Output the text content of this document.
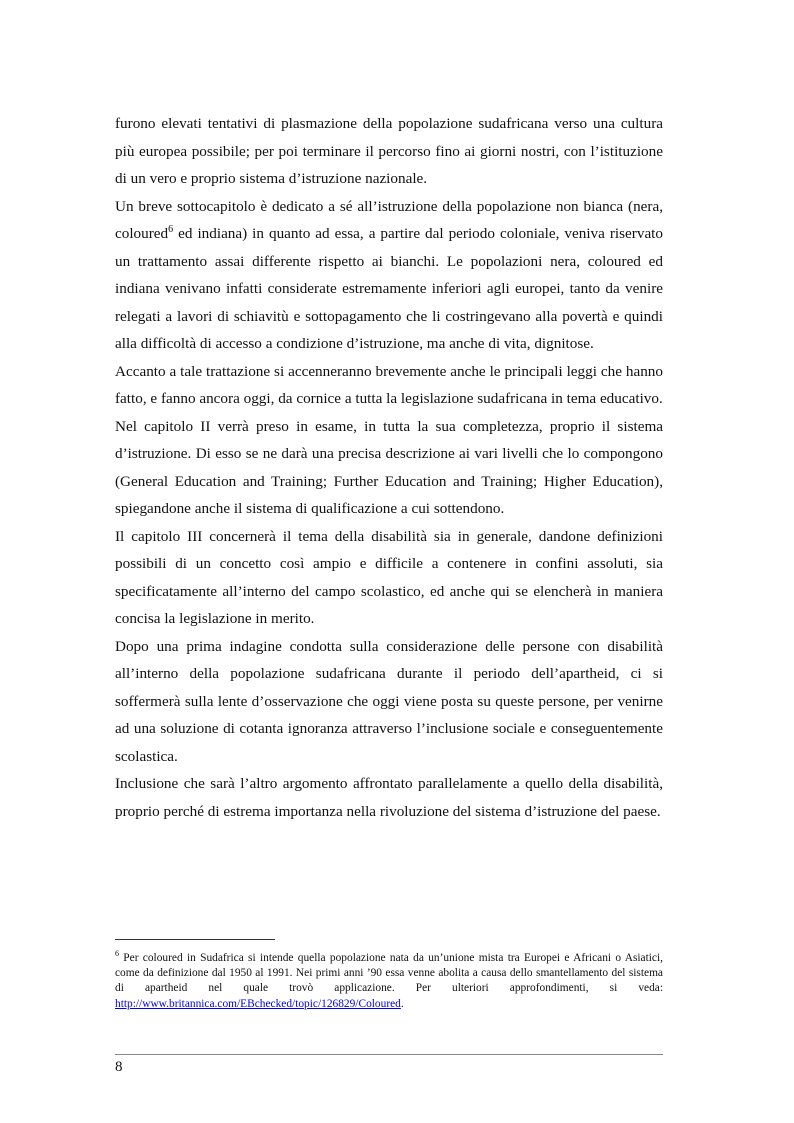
furono elevati tentativi di plasmazione della popolazione sudafricana verso una cultura più europea possibile; per poi terminare il percorso fino ai giorni nostri, con l’istituzione di un vero e proprio sistema d’istruzione nazionale.

Un breve sottocapitolo è dedicato a sé all’istruzione della popolazione non bianca (nera, coloured$^6$ ed indiana) in quanto ad essa, a partire dal periodo coloniale, veniva riservato un trattamento assai differente rispetto ai bianchi. Le popolazioni nera, coloured ed indiana venivano infatti considerate estremamente inferiori agli europei, tanto da venire relegati a lavori di schiavitù e sottopagamento che li costringevano alla povertà e quindi alla difficoltà di accesso a condizione d’istruzione, ma anche di vita, dignitose.

Accanto a tale trattazione si accenneranno brevemente anche le principali leggi che hanno fatto, e fanno ancora oggi, da cornice a tutta la legislazione sudafricana in tema educativo.

Nel capitolo II verrà preso in esame, in tutta la sua completezza, proprio il sistema d’istruzione. Di esso se ne darà una precisa descrizione ai vari livelli che lo compongono (General Education and Training; Further Education and Training; Higher Education), spiegandone anche il sistema di qualificazione a cui sottendono.

Il capitolo III concernerà il tema della disabilità sia in generale, dandone definizioni possibili di un concetto così ampio e difficile a contenere in confini assoluti, sia specificatamente all’interno del campo scolastico, ed anche qui se elencherà in maniera concisa la legislazione in merito.

Dopo una prima indagine condotta sulla considerazione delle persone con disabilità all’interno della popolazione sudafricana durante il periodo dell’apartheid, ci si soffermerà sulla lente d’osservazione che oggi viene posta su queste persone, per venirne ad una soluzione di cotanta ignoranza attraverso l’inclusione sociale e conseguentemente scolastica.

Inclusione che sarà l’altro argomento affrontato parallelamente a quello della disabilità, proprio perché di estrema importanza nella rivoluzione del sistema d’istruzione del paese.

$^6$ Per coloured in Sudafrica si intende quella popolazione nata da un’unione mista tra Europei e Africani o Asiatici, come da definizione dal 1950 al 1991. Nei primi anni ’90 essa venne abolita a causa dello smantellamento del sistema di apartheid nel quale trovò applicazione. Per ulteriori approfondimenti, si veda: http://www.britannica.com/EBchecked/topic/126829/Coloured.

8
